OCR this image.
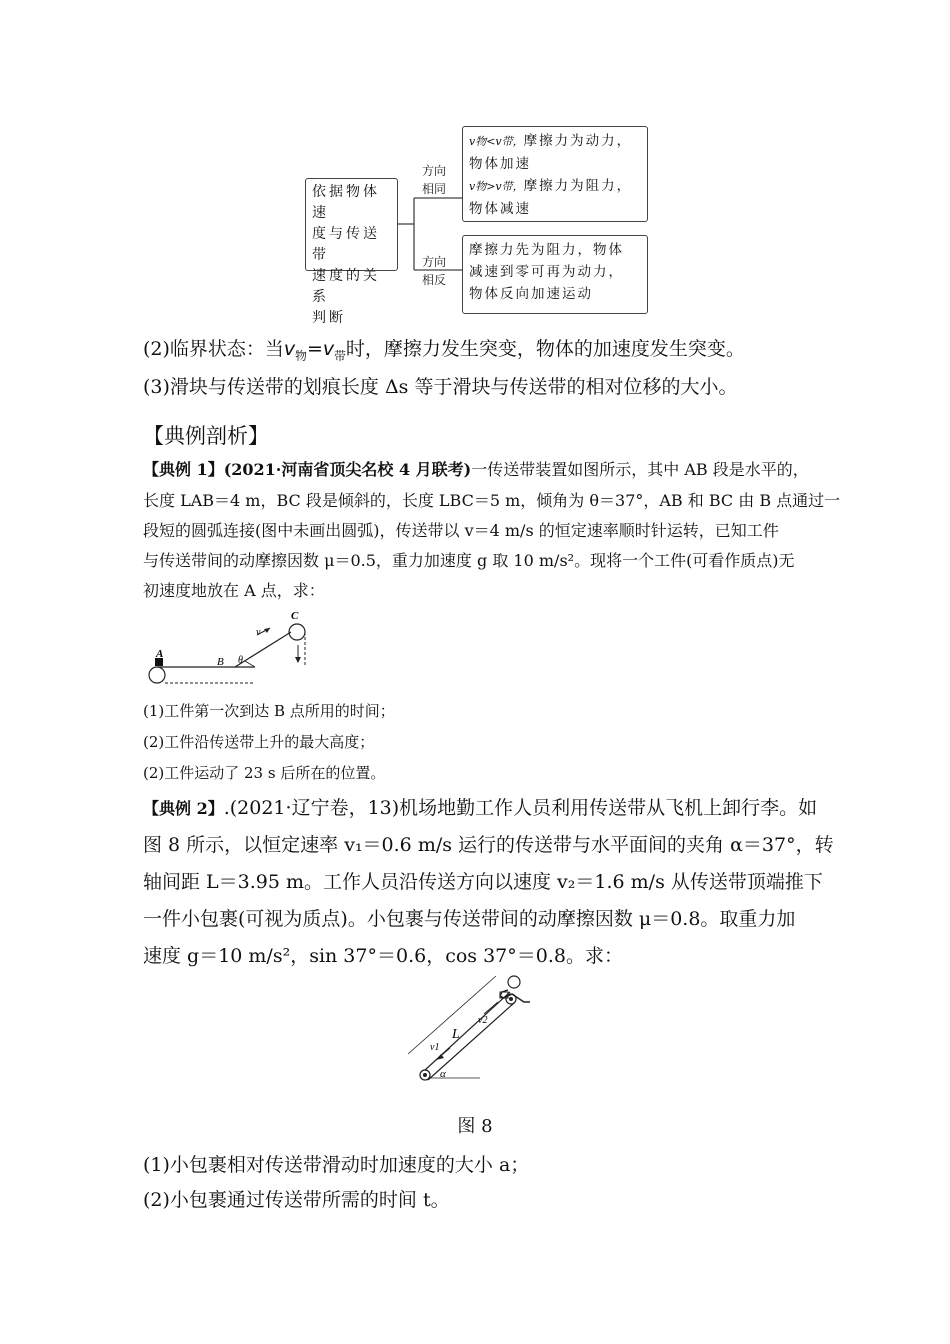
依据物体速
度与传送带
速度的关系
判断
方向
相同
方向
相反
v物<v带，摩擦力为动力，
物体加速
v物>v带，摩擦力为阻力，
物体减速
摩擦力先为阻力，物体
减速到零可再为动力，
物体反向加速运动
(2)临界状态：当$v_物=v_带$时，摩擦力发生突变，物体的加速度发生突变。
(3)滑块与传送带的划痕长度 Δs 等于滑块与传送带的相对位移的大小。
【典例剖析】
【典例 1】(2021·河南省顶尖名校 4 月联考)一传送带装置如图所示，其中 AB 段是水平的，
长度 LAB＝4 m，BC 段是倾斜的，长度 LBC＝5 m，倾角为 θ＝37°，AB 和 BC 由 B 点通过一
段短的圆弧连接(图中未画出圆弧)，传送带以 v＝4 m/s 的恒定速率顺时针运转，已知工件
与传送带间的动摩擦因数 μ＝0.5，重力加速度 g 取 10 m/s²。现将一个工件(可看作质点)无
初速度地放在 A 点，求：
A
B
C
v
θ
(1)工件第一次到达 B 点所用的时间；
(2)工件沿传送带上升的最大高度；
(2)工件运动了 23 s 后所在的位置。
【典例 2】.(2021·辽宁卷，13)机场地勤工作人员利用传送带从飞机上卸行李。如
图 8 所示，以恒定速率 v₁＝0.6 m/s 运行的传送带与水平面间的夹角 α＝37°，转
轴间距 L＝3.95 m。工作人员沿传送方向以速度 v₂＝1.6 m/s 从传送带顶端推下
一件小包裹(可视为质点)。小包裹与传送带间的动摩擦因数 μ＝0.8。取重力加
速度 g＝10 m/s²，sin 37°＝0.6，cos 37°＝0.8。求：
L
v1
v2
α
图 8
(1)小包裹相对传送带滑动时加速度的大小 a；
(2)小包裹通过传送带所需的时间 t。
